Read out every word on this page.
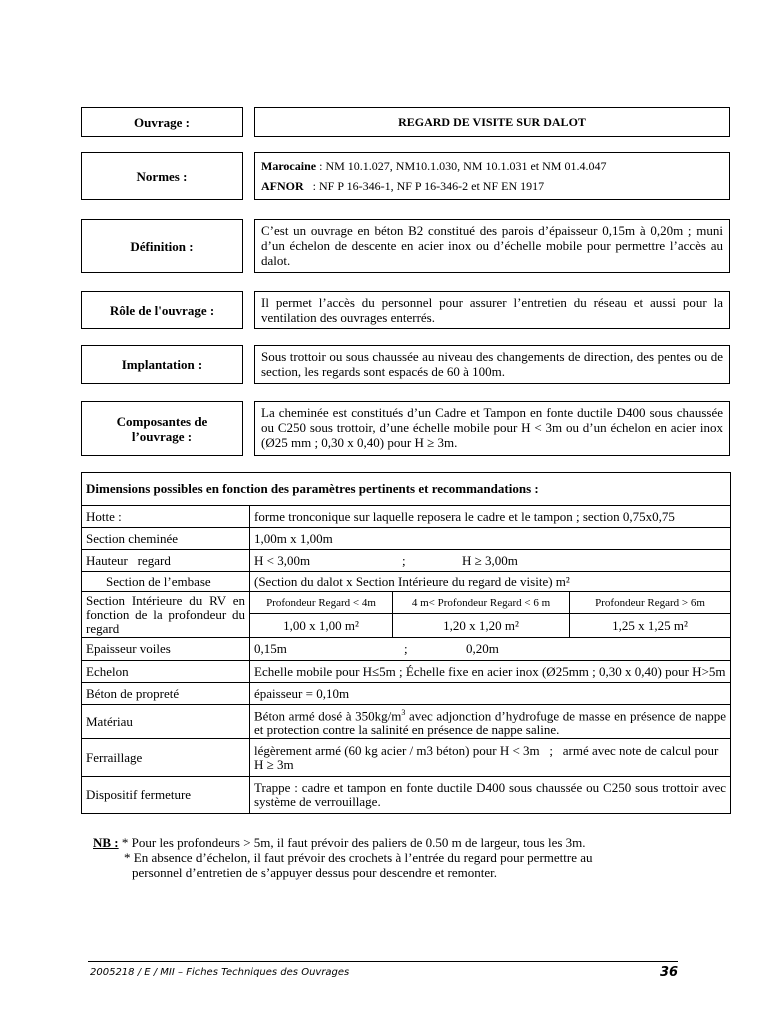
Ouvrage :	REGARD DE VISITE SUR DALOT
Normes :
Marocaine : NM 10.1.027, NM10.1.030, NM 10.1.031 et NM 01.4.047
AFNOR   : NF P 16-346-1, NF P 16-346-2 et NF EN 1917
Définition :
C’est un ouvrage en béton B2 constitué des parois d’épaisseur 0,15m à 0,20m ; muni d’un échelon de descente en acier inox ou d’échelle mobile pour permettre l’accès au dalot.
Rôle de l'ouvrage :	Il permet l’accès du personnel pour assurer l’entretien du réseau et aussi pour la ventilation des ouvrages enterrés.
Implantation :
Sous trottoir ou sous chaussée au niveau des changements de direction, des pentes ou de section, les regards sont espacés de 60 à 100m.
Composantes de
l’ouvrage :
La cheminée est constitués d’un Cadre et Tampon en fonte ductile D400 sous chaussée ou C250 sous trottoir, d’une échelle mobile pour H < 3m ou d’un échelon en acier inox (Ø25 mm ; 0,30 x 0,40) pour H ≥ 3m.
Dimensions possibles en fonction des paramètres pertinents et recommandations :			
Hotte :	forme tronconique sur laquelle reposera le cadre et le tampon ; section 0,75x0,75		
Section cheminée	1,00m x 1,00m		
Hauteur   regard	H < 3,00m ; H ≥ 3,00m		
Section de l’embase	(Section du dalot x Section Intérieure du regard de visite) m²		
Section Intérieure du RV en fonction de la profondeur du regard	Profondeur Regard < 4m	4 m< Profondeur Regard < 6 m	Profondeur Regard > 6m
	1,00 x 1,00 m²	1,20 x 1,20 m²	1,25 x 1,25 m²
Epaisseur voiles	0,15m ; 0,20m		
Echelon	Echelle mobile pour H≤5m ; Échelle fixe en acier inox (Ø25mm ; 0,30 x 0,40) pour H>5m		
Béton de propreté	épaisseur = 0,10m		
Matériau	Béton armé dosé à $350kg/m^3$ avec adjonction d’hydrofuge de masse en présence de nappe et protection contre la salinité en présence de nappe saline.		
Ferraillage	légèrement armé (60 kg acier / m3 béton) pour H < 3m   ;   armé avec note de calcul pour H ≥ 3m		
Dispositif fermeture	Trappe : cadre et tampon en fonte ductile D400 sous chaussée ou C250 sous trottoir avec système de verrouillage.		
NB : * Pour les profondeurs > 5m, il faut prévoir des paliers de 0.50 m de largeur, tous les 3m.
* En absence d’échelon, il faut prévoir des crochets à l’entrée du regard pour permettre au
personnel d’entretien de s’appuyer dessus pour descendre et remonter.
2005218 / E / MII – Fiches Techniques des Ouvrages	36
